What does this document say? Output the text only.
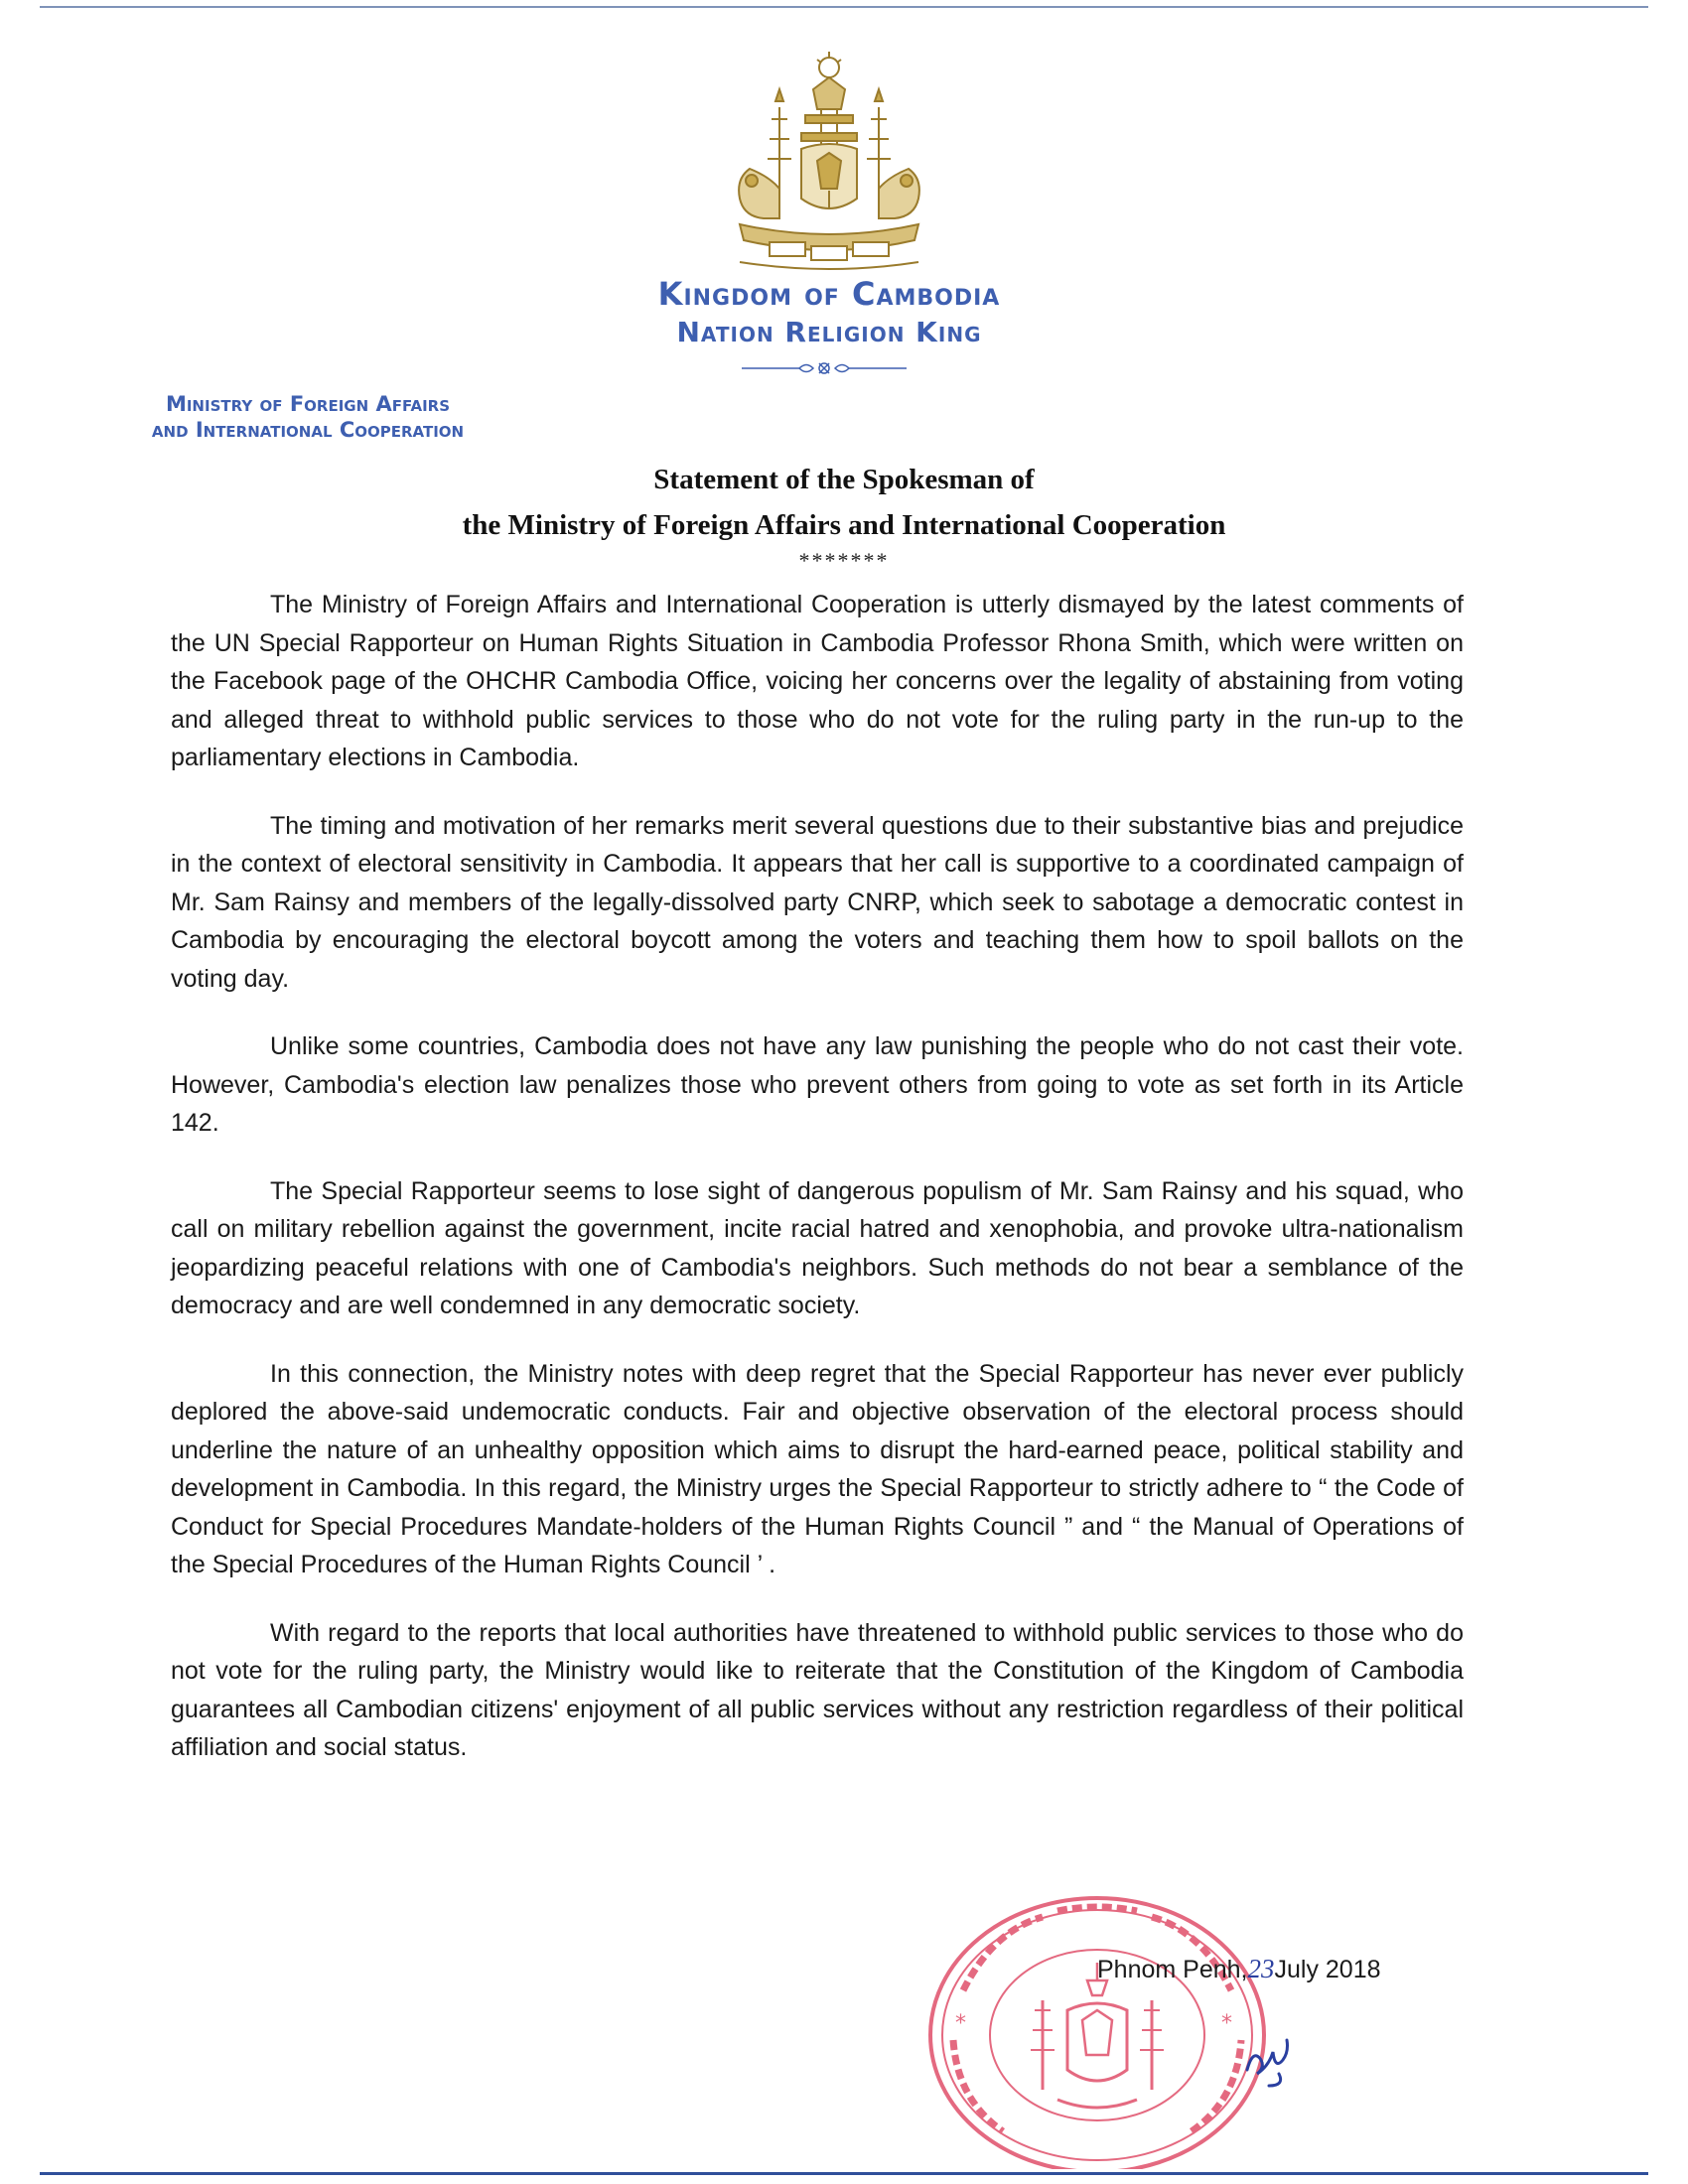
Kingdom of Cambodia
Nation Religion King
Ministry of Foreign Affairs
and International Cooperation
Statement of the Spokesman of
the Ministry of Foreign Affairs and International Cooperation
*******

The Ministry of Foreign Affairs and International Cooperation is utterly dismayed by the latest comments of the UN Special Rapporteur on Human Rights Situation in Cambodia Professor Rhona Smith, which were written on the Facebook page of the OHCHR Cambodia Office, voicing her concerns over the legality of abstaining from voting and alleged threat to withhold public services to those who do not vote for the ruling party in the run-up to the parliamentary elections in Cambodia.

The timing and motivation of her remarks merit several questions due to their substantive bias and prejudice in the context of electoral sensitivity in Cambodia. It appears that her call is supportive to a coordinated campaign of Mr. Sam Rainsy and members of the legally-dissolved party CNRP, which seek to sabotage a democratic contest in Cambodia by encouraging the electoral boycott among the voters and teaching them how to spoil ballots on the voting day.

Unlike some countries, Cambodia does not have any law punishing the people who do not cast their vote. However, Cambodia's election law penalizes those who prevent others from going to vote as set forth in its Article 142.

The Special Rapporteur seems to lose sight of dangerous populism of Mr. Sam Rainsy and his squad, who call on military rebellion against the government, incite racial hatred and xenophobia, and provoke ultra-nationalism jeopardizing peaceful relations with one of Cambodia's neighbors. Such methods do not bear a semblance of the democracy and are well condemned in any democratic society.

In this connection, the Ministry notes with deep regret that the Special Rapporteur has never ever publicly deplored the above-said undemocratic conducts. Fair and objective observation of the electoral process should underline the nature of an unhealthy opposition which aims to disrupt the hard-earned peace, political stability and development in Cambodia. In this regard, the Ministry urges the Special Rapporteur to strictly adhere to “ the Code of Conduct for Special Procedures Mandate-holders of the Human Rights Council ” and “ the Manual of Operations of the Special Procedures of the Human Rights Council ’ .

With regard to the reports that local authorities have threatened to withhold public services to those who do not vote for the ruling party, the Ministry would like to reiterate that the Constitution of the Kingdom of Cambodia guarantees all Cambodian citizens' enjoyment of all public services without any restriction regardless of their political affiliation and social status.

*	*
Phnom Penh,23July 2018
